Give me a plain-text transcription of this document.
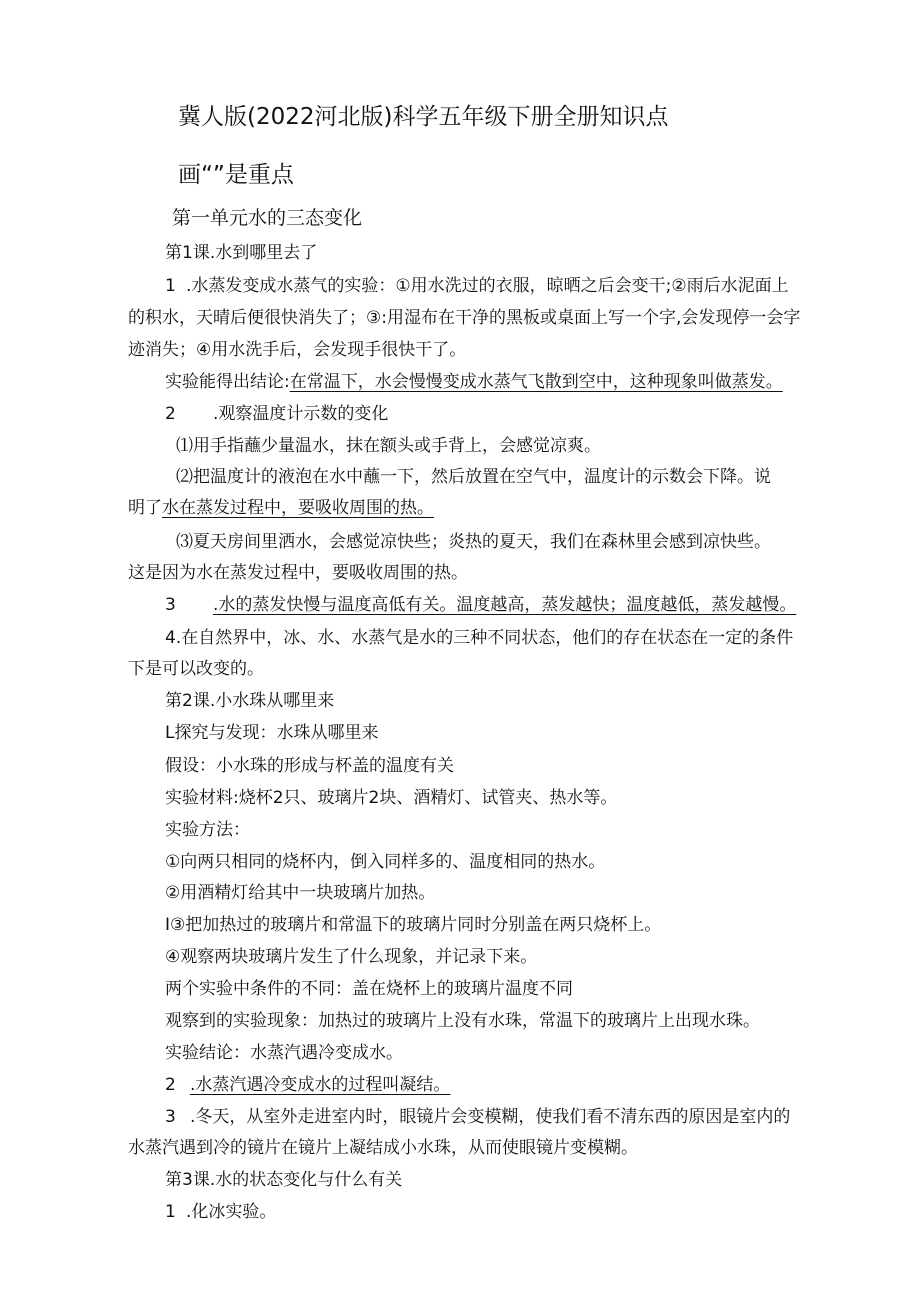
冀人版(2022河北版)科学五年级下册全册知识点
画“”是重点
第一单元水的三态变化
第1课.水到哪里去了
1 .水蒸发变成水蒸气的实验：①用水洗过的衣服，晾晒之后会变干;②雨后水泥面上
的积水，天晴后便很快消失了；③:用湿布在干净的黑板或桌面上写一个字,会发现停一会字
迹消失；④用水洗手后，会发现手很快干了。
实验能得出结论:在常温下，水会慢慢变成水蒸气飞散到空中，这种现象叫做蒸发。
2 .观察温度计示数的变化
⑴用手指蘸少量温水，抹在额头或手背上，会感觉凉爽。
⑵把温度计的液泡在水中蘸一下，然后放置在空气中，温度计的示数会下降。说
明了水在蒸发过程中，要吸收周围的热。
⑶夏天房间里洒水，会感觉凉快些；炎热的夏天，我们在森林里会感到凉快些。
这是因为水在蒸发过程中，要吸收周围的热。
3 .水的蒸发快慢与温度高低有关。温度越高，蒸发越快；温度越低，蒸发越慢。
4.在自然界中，冰、水、水蒸气是水的三种不同状态，他们的存在状态在一定的条件
下是可以改变的。
第2课.小水珠从哪里来
L探究与发现：水珠从哪里来
假设：小水珠的形成与杯盖的温度有关
实验材料:烧杯2只、玻璃片2块、酒精灯、试管夹、热水等。
实验方法：
①向两只相同的烧杯内，倒入同样多的、温度相同的热水。
②用酒精灯给其中一块玻璃片加热。
I③把加热过的玻璃片和常温下的玻璃片同时分别盖在两只烧杯上。
④观察两块玻璃片发生了什么现象，并记录下来。
两个实验中条件的不同：盖在烧杯上的玻璃片温度不同
观察到的实验现象：加热过的玻璃片上没有水珠，常温下的玻璃片上出现水珠。
实验结论：水蒸汽遇冷变成水。
2 .水蒸汽遇冷变成水的过程叫凝结。
3 .冬天，从室外走进室内时，眼镜片会变模糊，使我们看不清东西的原因是室内的
水蒸汽遇到冷的镜片在镜片上凝结成小水珠，从而使眼镜片变模糊。
第3课.水的状态变化与什么有关
1 .化冰实验。
